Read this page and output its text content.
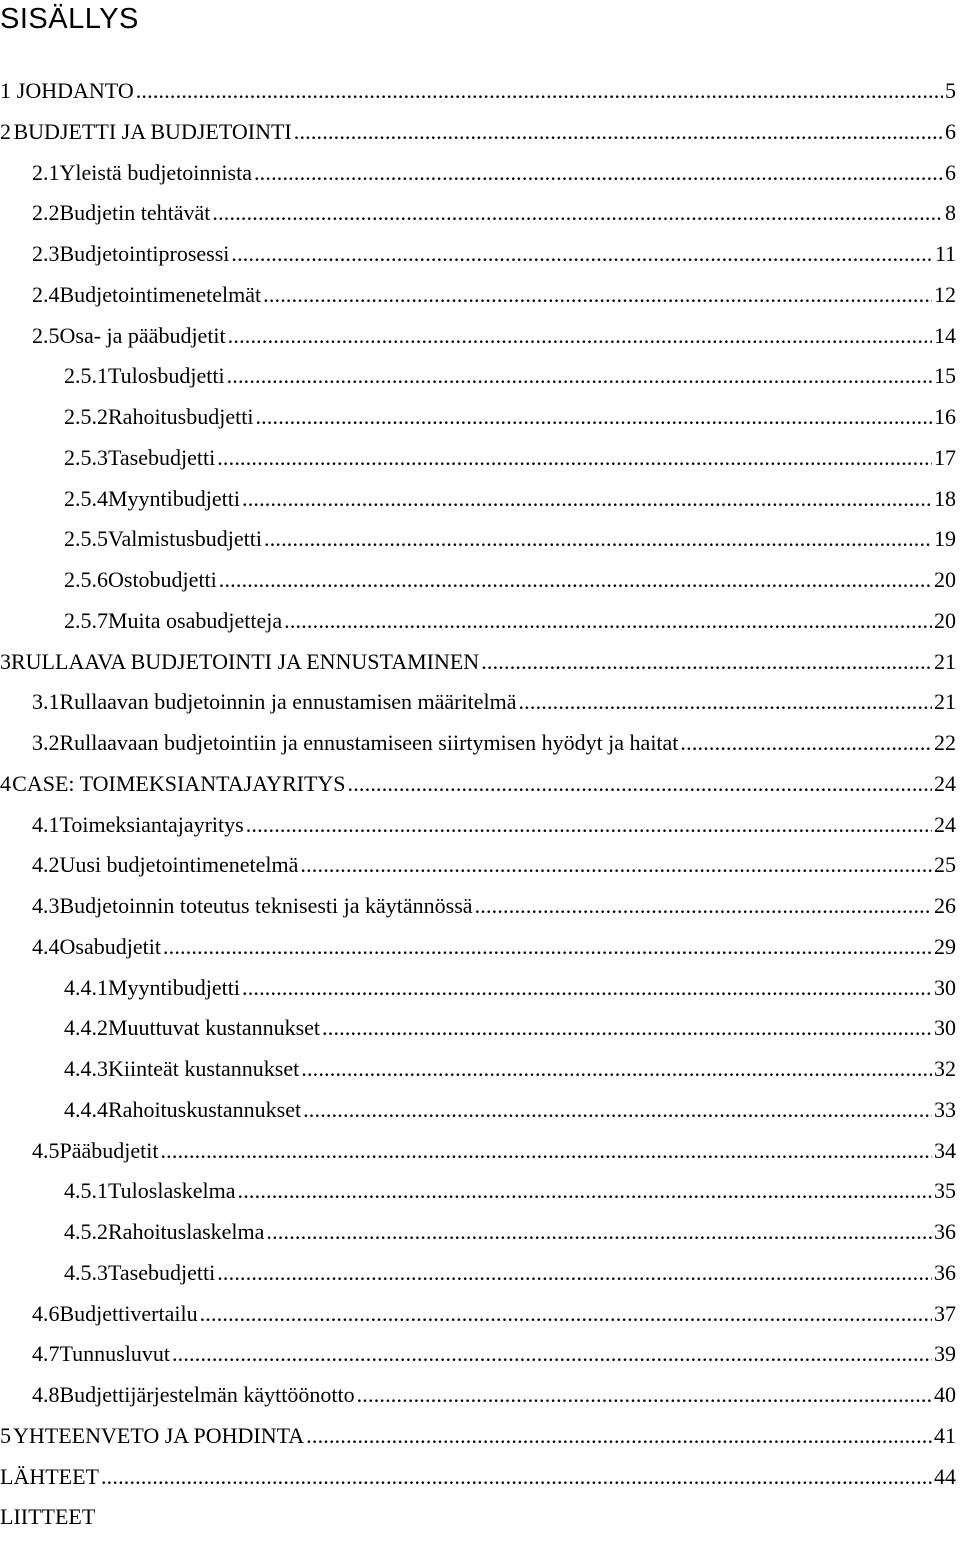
SISÄLLYS
1 JOHDANTO .....	5
2 BUDJETTI JA BUDJETOINTI .....	6
2.1 Yleistä budjetoinnista .....	6
2.2 Budjetin tehtävät .....	8
2.3 Budjetointiprosessi .....	11
2.4 Budjetointimenetelmät .....	12
2.5 Osa- ja pääbudjetit .....	14
2.5.1 Tulosbudjetti .....	15
2.5.2 Rahoitusbudjetti .....	16
2.5.3 Tasebudjetti .....	17
2.5.4 Myyntibudjetti .....	18
2.5.5 Valmistusbudjetti .....	19
2.5.6 Ostobudjetti .....	20
2.5.7 Muita osabudjetteja .....	20
3 RULLAAVA BUDJETOINTI JA ENNUSTAMINEN .....	21
3.1 Rullaavan budjetoinnin ja ennustamisen määritelmä .....	21
3.2 Rullaavaan budjetointiin ja ennustamiseen siirtymisen hyödyt ja haitat .....	22
4 CASE: TOIMEKSIANTAJAYRITYS .....	24
4.1 Toimeksiantajayritys .....	24
4.2 Uusi budjetointimenetelmä .....	25
4.3 Budjetoinnin toteutus teknisesti ja käytännössä .....	26
4.4 Osabudjetit .....	29
4.4.1 Myyntibudjetti .....	30
4.4.2 Muuttuvat kustannukset .....	30
4.4.3 Kiinteät kustannukset .....	32
4.4.4 Rahoituskustannukset .....	33
4.5 Pääbudjetit .....	34
4.5.1 Tuloslaskelma .....	35
4.5.2 Rahoituslaskelma .....	36
4.5.3 Tasebudjetti .....	36
4.6 Budjettivertailu .....	37
4.7 Tunnusluvut .....	39
4.8 Budjettijärjestelmän käyttöönotto .....	40
5 YHTEENVETO JA POHDINTA .....	41
LÄHTEET .....	44
LIITTEET
